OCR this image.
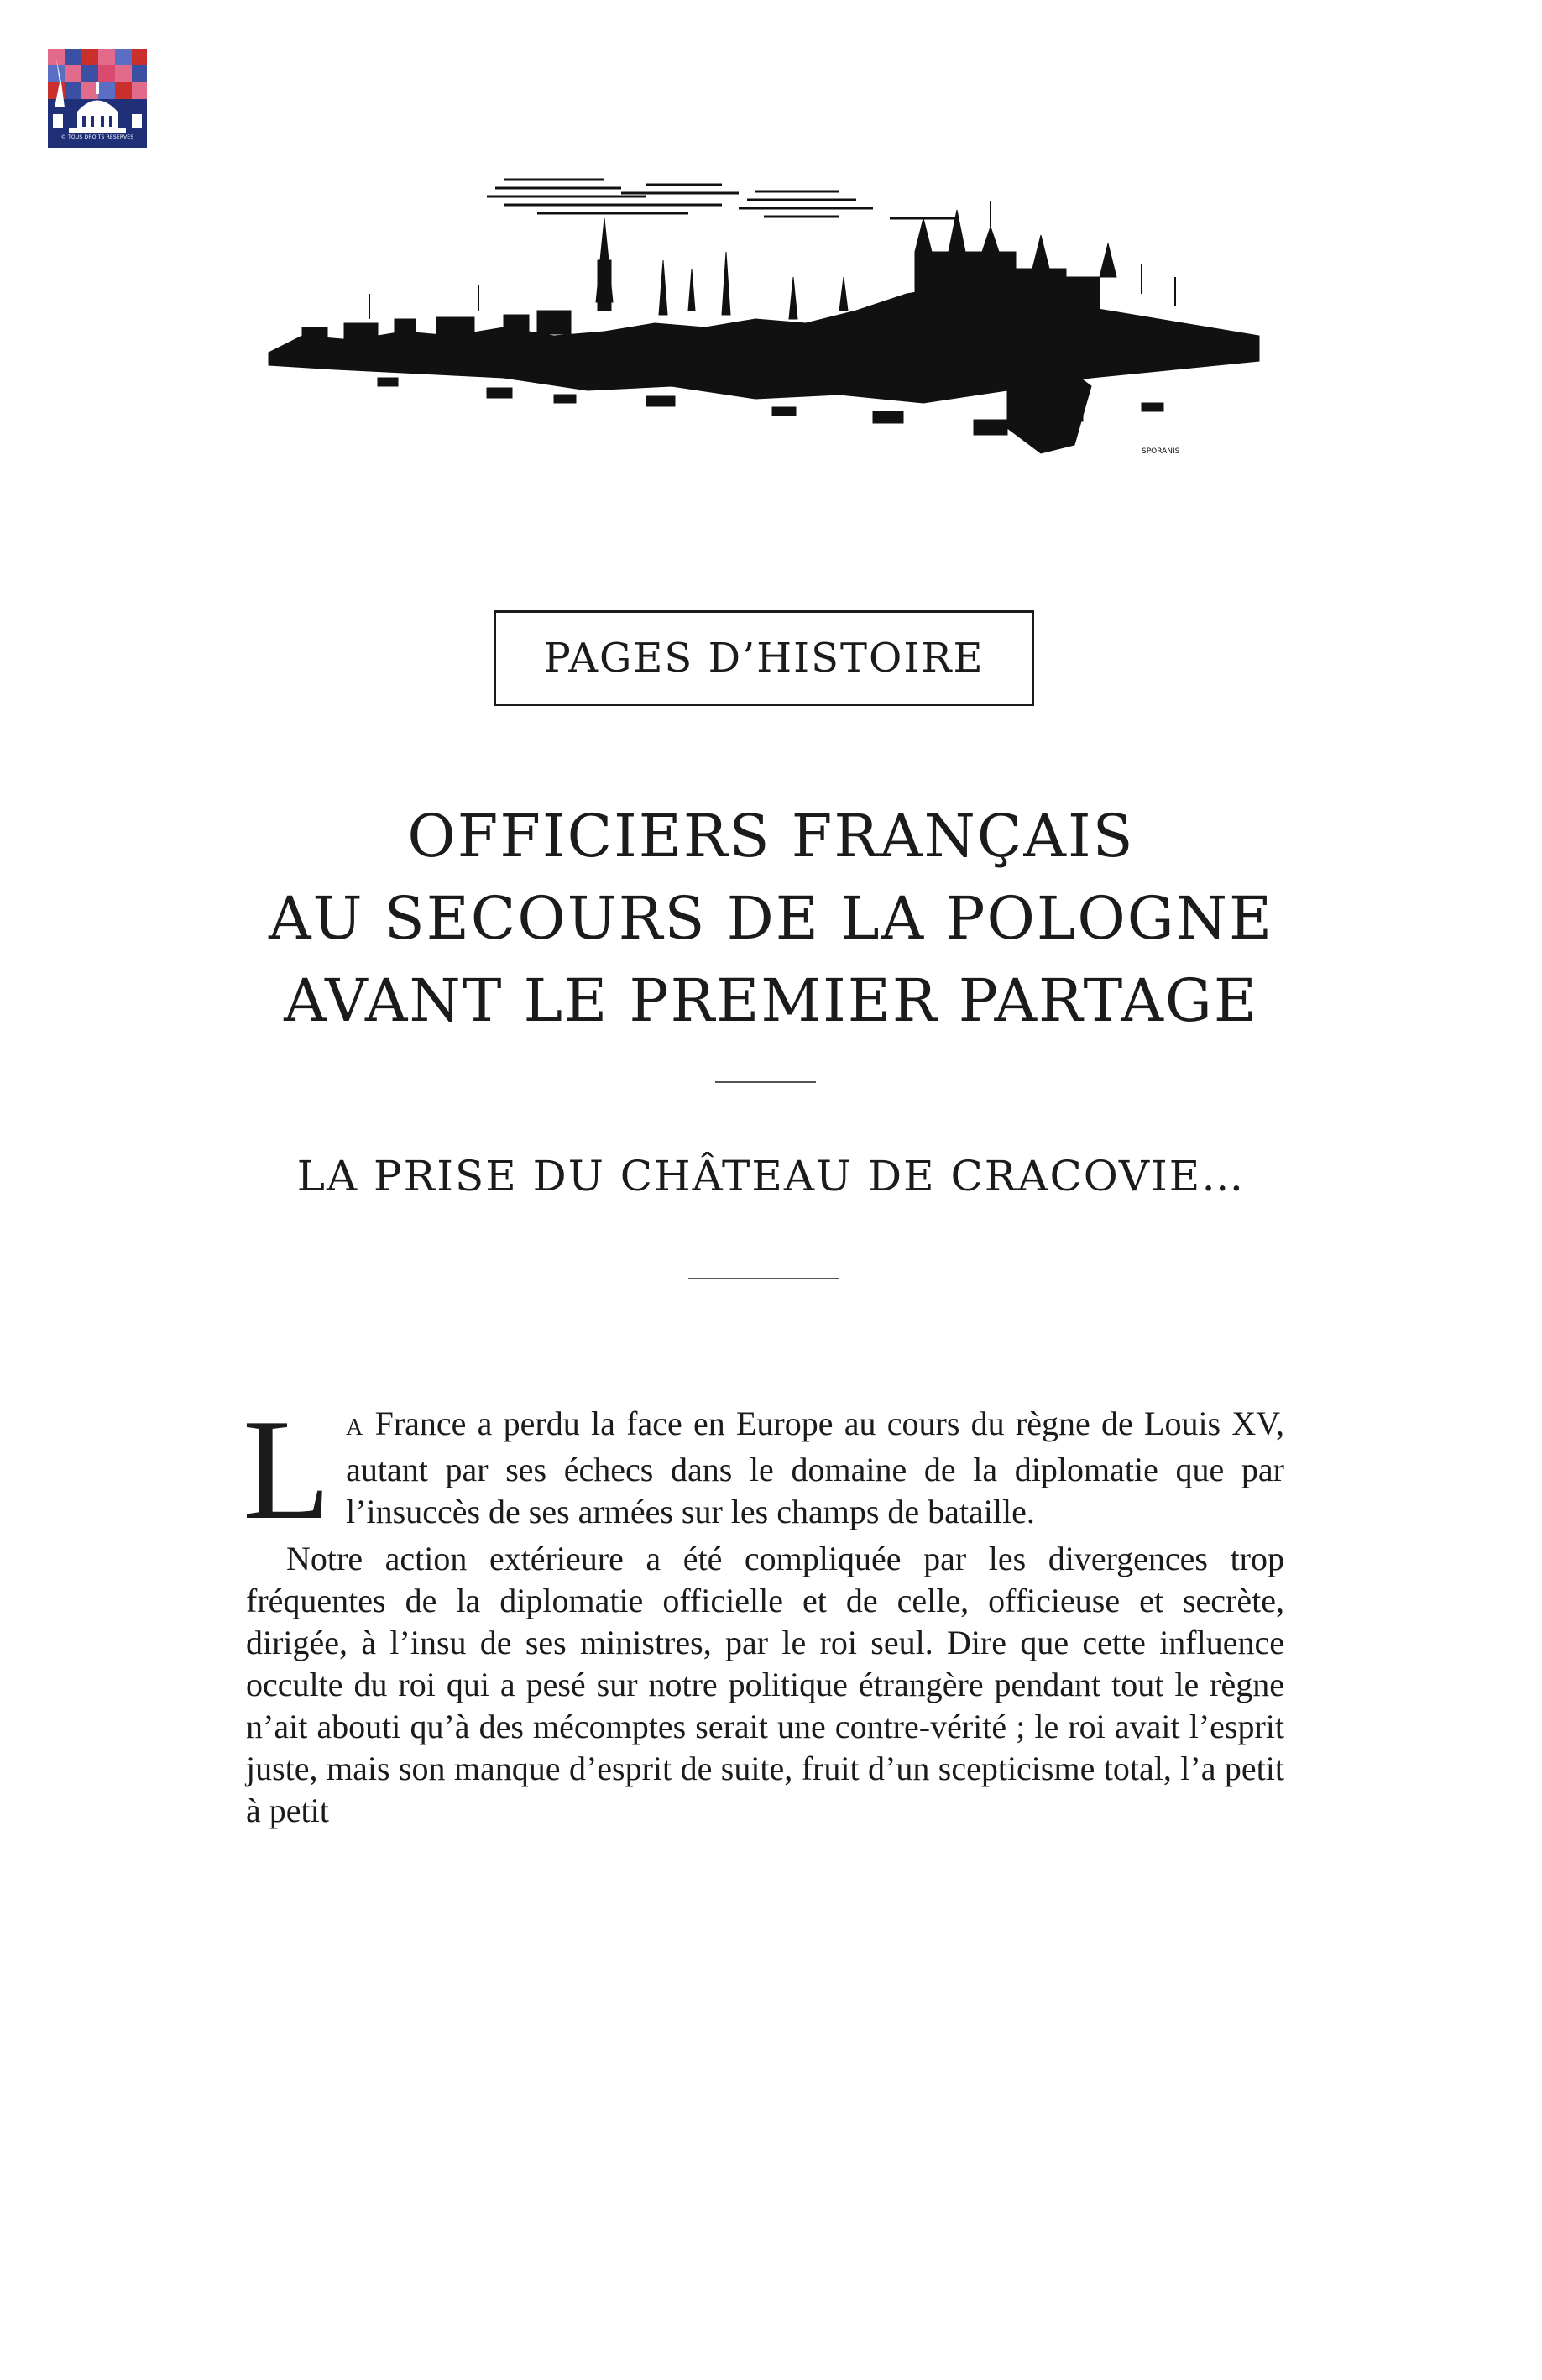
© TOUS DROITS RÉSERVÉS
SPORANIS
PAGES D’HISTOIRE
OFFICIERS FRANÇAIS
AU SECOURS DE LA POLOGNE
AVANT LE PREMIER PARTAGE
LA PRISE DU CHÂTEAU DE CRACOVIE…

L A France a perdu la face en Europe au cours du règne de Louis XV, autant par ses échecs dans le domaine de la diplomatie que par l’insuccès de ses armées sur les champs de bataille.

Notre action extérieure a été compliquée par les divergences trop fréquentes de la diplomatie officielle et de celle, officieuse et secrète, dirigée, à l’insu de ses ministres, par le roi seul. Dire que cette influence occulte du roi qui a pesé sur notre politique étrangère pendant tout le règne n’ait abouti qu’à des mécomptes serait une contre-vérité ; le roi avait l’esprit juste, mais son manque d’esprit de suite, fruit d’un scepticisme total, l’a petit à petit
